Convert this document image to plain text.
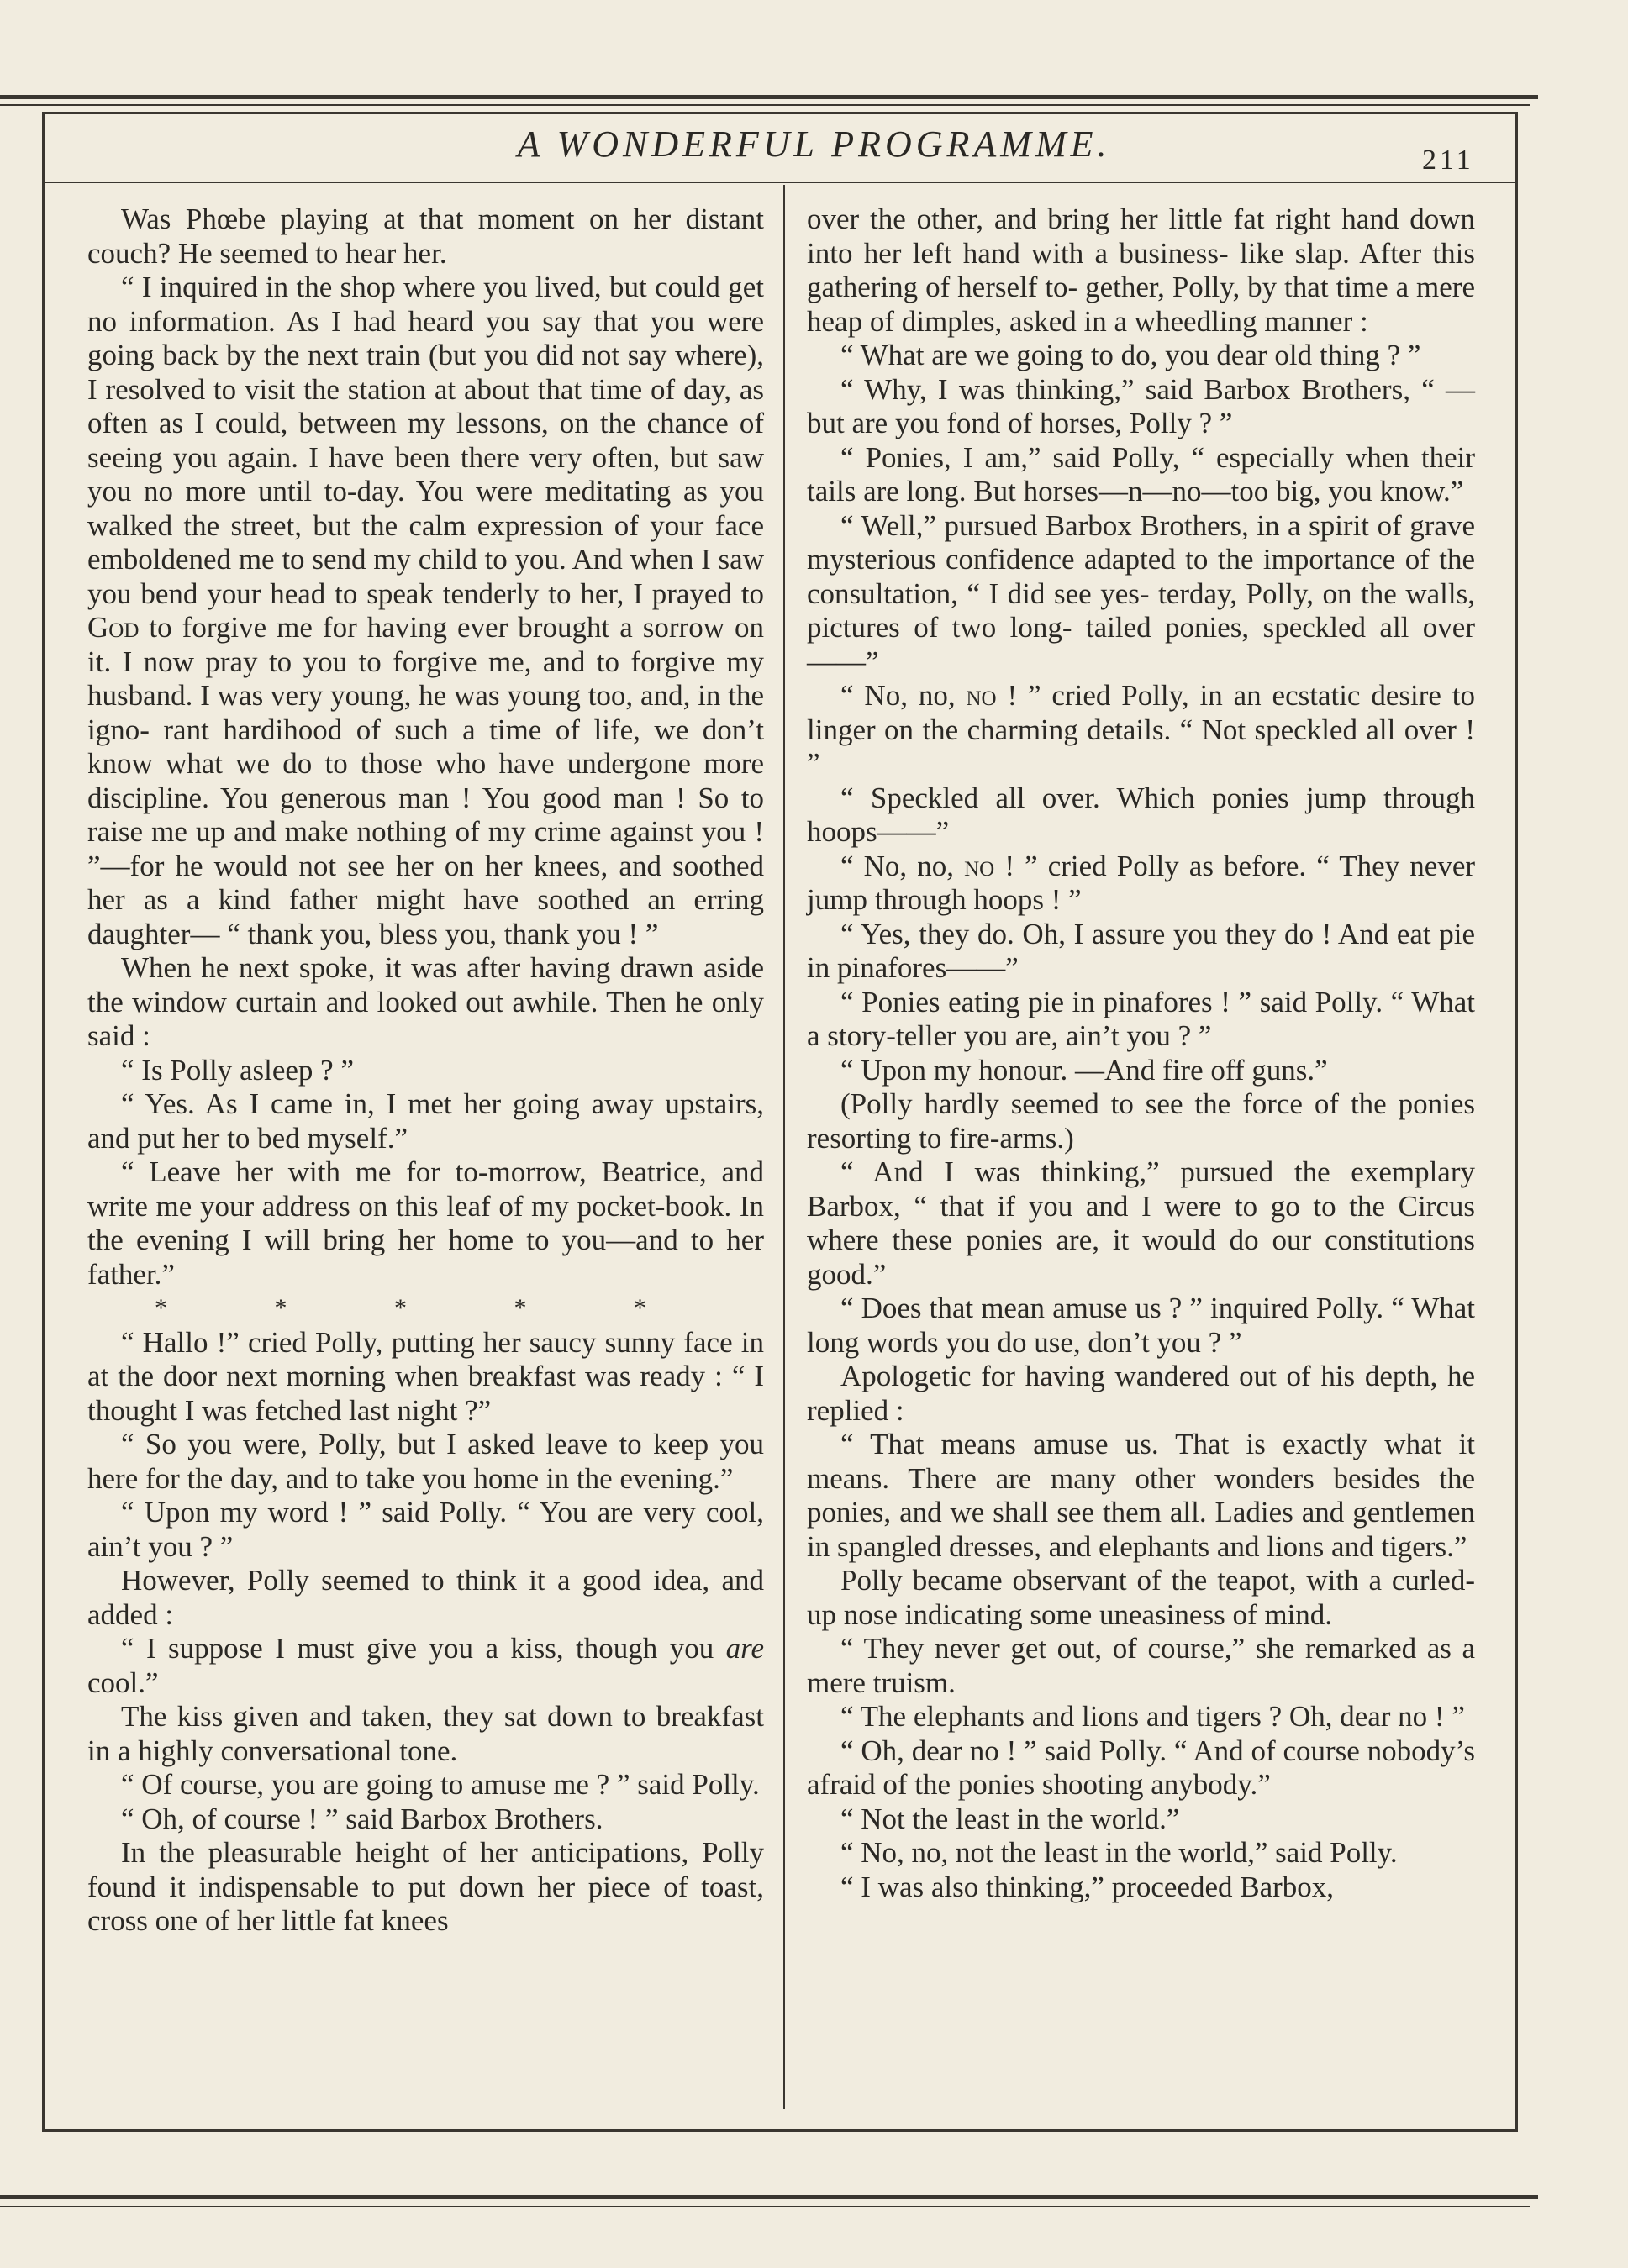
A WONDERFUL PROGRAMME.	211

Was Phœbe playing at that moment on her distant couch? He seemed to hear her.

“ I inquired in the shop where you lived, but could get no information. As I had heard you say that you were going back by the next train (but you did not say where), I resolved to visit the station at about that time of day, as often as I could, between my lessons, on the chance of seeing you again. I have been there very often, but saw you no more until to-day. You were meditating as you walked the street, but the calm expression of your face emboldened me to send my child to you. And when I saw you bend your head to speak tenderly to her, I prayed to God to forgive me for having ever brought a sorrow on it. I now pray to you to forgive me, and to forgive my husband. I was very young, he was young too, and, in the igno- rant hardihood of such a time of life, we don’t know what we do to those who have undergone more discipline. You generous man ! You good man ! So to raise me up and make nothing of my crime against you ! ”—for he would not see her on her knees, and soothed her as a kind father might have soothed an erring daughter— “ thank you, bless you, thank you ! ”

When he next spoke, it was after having drawn aside the window curtain and looked out awhile. Then he only said :

“ Is Polly asleep ? ”

“ Yes. As I came in, I met her going away upstairs, and put her to bed myself.”

“ Leave her with me for to-morrow, Beatrice, and write me your address on this leaf of my pocket-book. In the evening I will bring her home to you—and to her father.”

* * * * *

“ Hallo !” cried Polly, putting her saucy sunny face in at the door next morning when breakfast was ready : “ I thought I was fetched last night ?”

“ So you were, Polly, but I asked leave to keep you here for the day, and to take you home in the evening.”

“ Upon my word ! ” said Polly. “ You are very cool, ain’t you ? ”

However, Polly seemed to think it a good idea, and added :

“ I suppose I must give you a kiss, though you are cool.”

The kiss given and taken, they sat down to breakfast in a highly conversational tone.

“ Of course, you are going to amuse me ? ” said Polly.

“ Oh, of course ! ” said Barbox Brothers.

In the pleasurable height of her anticipations, Polly found it indispensable to put down her piece of toast, cross one of her little fat knees

over the other, and bring her little fat right hand down into her left hand with a business- like slap. After this gathering of herself to- gether, Polly, by that time a mere heap of dimples, asked in a wheedling manner :

“ What are we going to do, you dear old thing ? ”

“ Why, I was thinking,” said Barbox Brothers, “ —but are you fond of horses, Polly ? ”

“ Ponies, I am,” said Polly, “ especially when their tails are long. But horses—n—no—too big, you know.”

“ Well,” pursued Barbox Brothers, in a spirit of grave mysterious confidence adapted to the importance of the consultation, “ I did see yes- terday, Polly, on the walls, pictures of two long- tailed ponies, speckled all over——”

“ No, no, no ! ” cried Polly, in an ecstatic desire to linger on the charming details. “ Not speckled all over ! ”

“ Speckled all over. Which ponies jump through hoops——”

“ No, no, no ! ” cried Polly as before. “ They never jump through hoops ! ”

“ Yes, they do. Oh, I assure you they do ! And eat pie in pinafores——”

“ Ponies eating pie in pinafores ! ” said Polly. “ What a story-teller you are, ain’t you ? ”

“ Upon my honour. —And fire off guns.”

(Polly hardly seemed to see the force of the ponies resorting to fire-arms.)

“ And I was thinking,” pursued the exemplary Barbox, “ that if you and I were to go to the Circus where these ponies are, it would do our constitutions good.”

“ Does that mean amuse us ? ” inquired Polly. “ What long words you do use, don’t you ? ”

Apologetic for having wandered out of his depth, he replied :

“ That means amuse us. That is exactly what it means. There are many other wonders besides the ponies, and we shall see them all. Ladies and gentlemen in spangled dresses, and elephants and lions and tigers.”

Polly became observant of the teapot, with a curled-up nose indicating some uneasiness of mind.

“ They never get out, of course,” she remarked as a mere truism.

“ The elephants and lions and tigers ? Oh, dear no ! ”

“ Oh, dear no ! ” said Polly. “ And of course nobody’s afraid of the ponies shooting anybody.”

“ Not the least in the world.”

“ No, no, not the least in the world,” said Polly.

“ I was also thinking,” proceeded Barbox,
